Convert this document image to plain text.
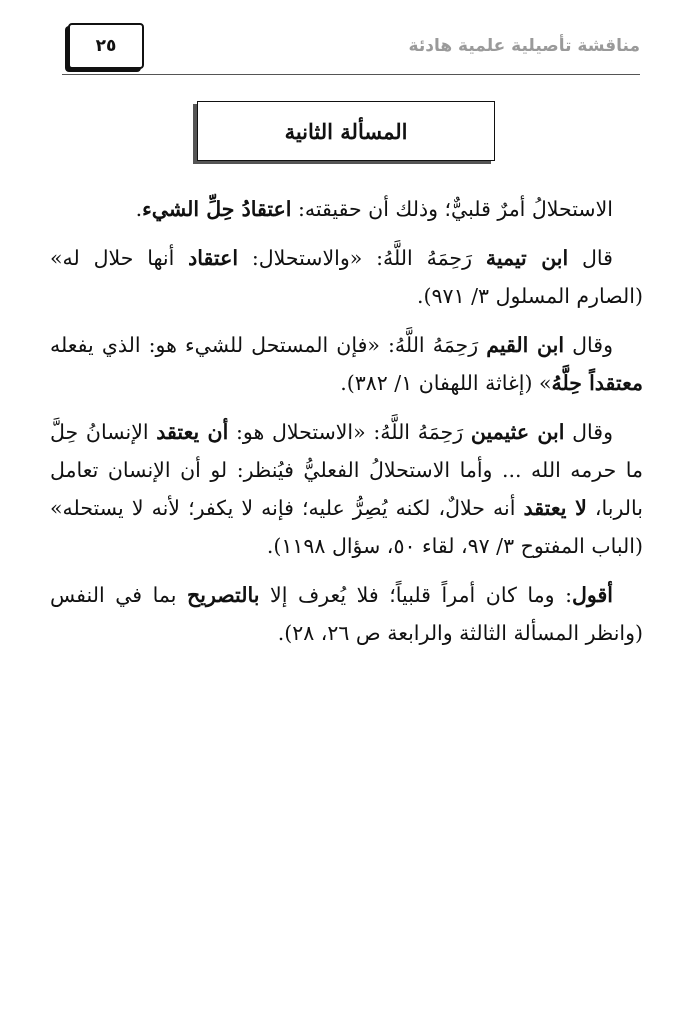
٢٥	مناقشة تأصيلية علمية هادئة
المسألة الثانية

الاستحلالُ أمرٌ قلبيٌّ؛ وذلك أن حقيقته: اعتقادُ حِلِّ الشيء.

قال ابن تيمية رَحِمَهُ اللَّهُ: «والاستحلال: اعتقاد أنها حلال له» (الصارم المسلول ٣/ ٩٧١).

وقال ابن القيم رَحِمَهُ اللَّهُ: «فإن المستحل للشيء هو: الذي يفعله معتقداً حِلَّهُ» (إغاثة اللهفان ١/ ٣٨٢).

وقال ابن عثيمين رَحِمَهُ اللَّهُ: «الاستحلال هو: أن يعتقد الإنسانُ حِلَّ ما حرمه الله ... وأما الاستحلالُ الفعليُّ فيُنظر: لو أن الإنسان تعامل بالربا، لا يعتقد أنه حلالٌ، لكنه يُصِرُّ عليه؛ فإنه لا يكفر؛ لأنه لا يستحله» (الباب المفتوح ٣/ ٩٧، لقاء ٥٠، سؤال ١١٩٨).

أقول: وما كان أمراً قلبياً؛ فلا يُعرف إلا بالتصريح بما في النفس (وانظر المسألة الثالثة والرابعة ص ٢٦، ٢٨).
